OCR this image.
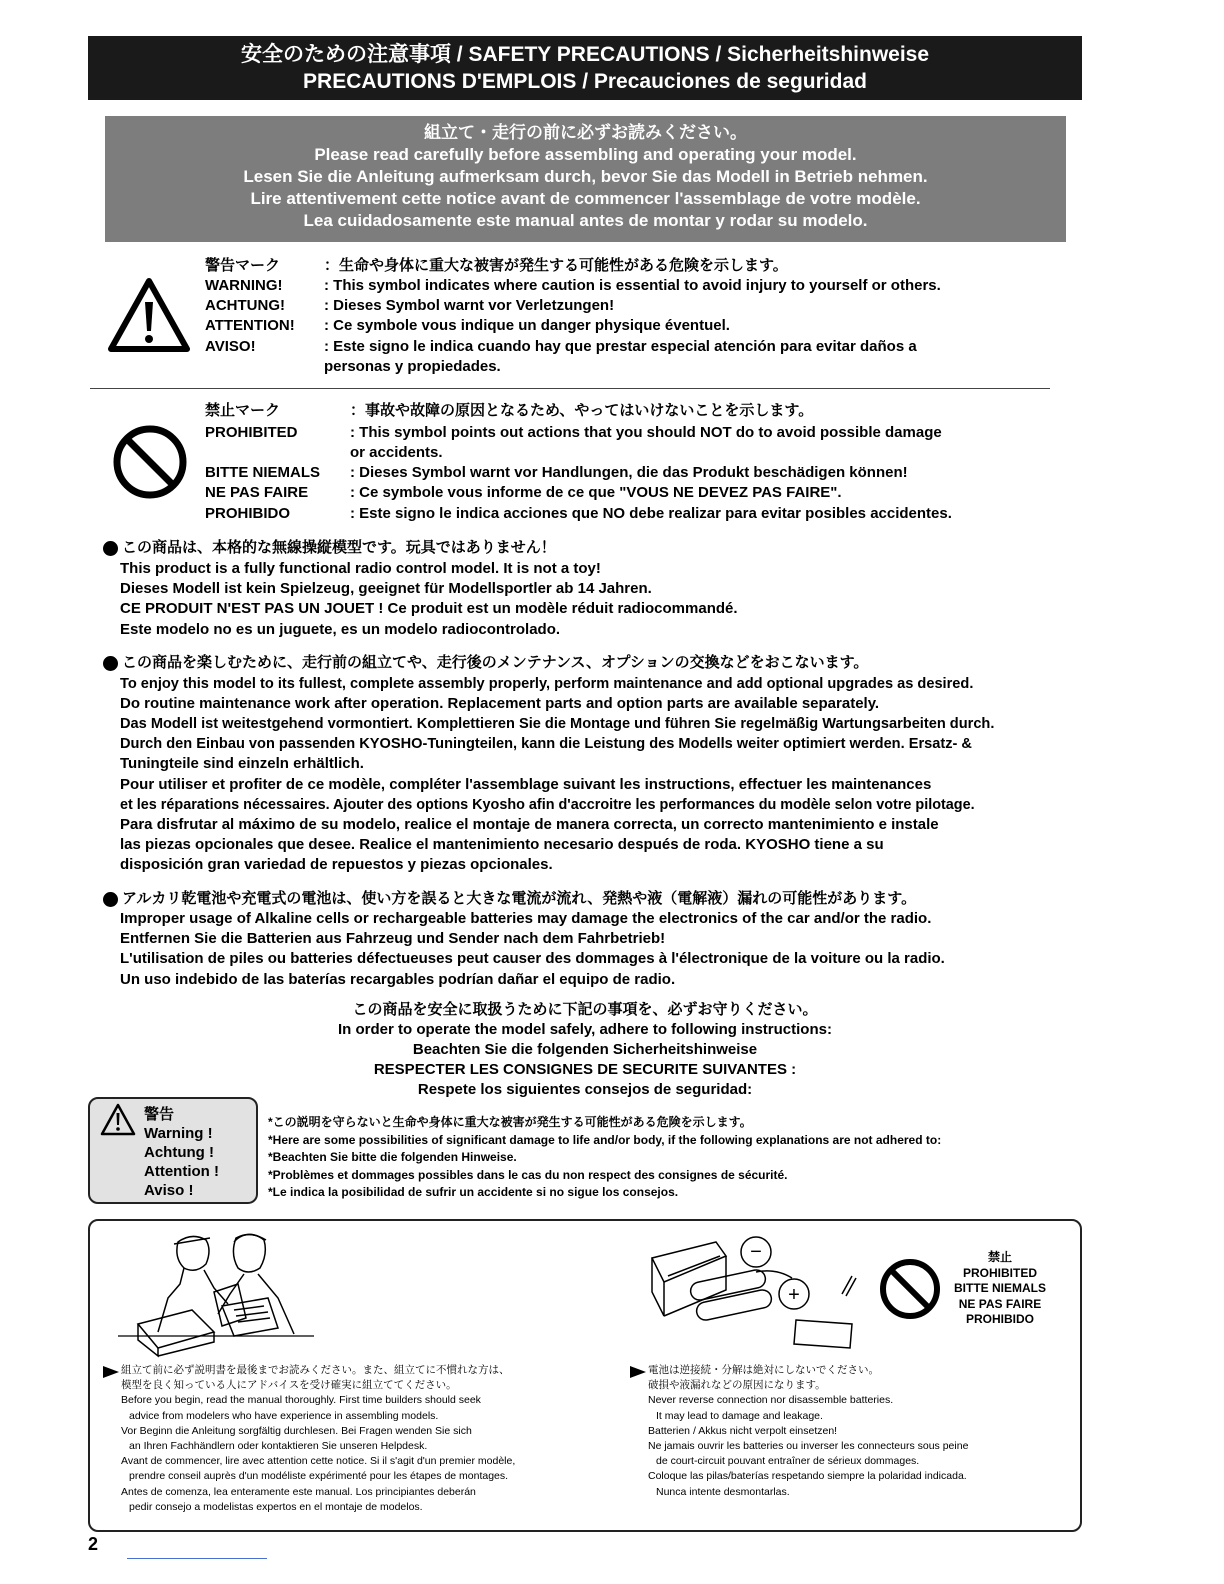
安全のための注意事項 / SAFETY PRECAUTIONS / Sicherheitshinweise
PRECAUTIONS D'EMPLOIS / Precauciones de seguridad
組立て・走行の前に必ずお読みください。
Please read carefully before assembling and operating your model.
Lesen Sie die Anleitung aufmerksam durch, bevor Sie das Modell in Betrieb nehmen.
Lire attentivement cette notice avant de commencer l'assemblage de votre modèle.
Lea cuidadosamente este manual antes de montar y rodar su modelo.
警告マーク	：生命や身体に重大な被害が発生する可能性がある危険を示します。
WARNING!	: This symbol indicates where caution is essential to avoid injury to yourself or others.
ACHTUNG!	: Dieses Symbol warnt vor Verletzungen!
ATTENTION! : Ce symbole vous indique un danger physique éventuel.
AVISO!	: Este signo le indica cuando hay que prestar especial atención para evitar daños a
personas y propiedades.
禁止マーク	：事故や故障の原因となるため、やってはいけないことを示します。
PROHIBITED	: This symbol points out actions that you should NOT do to avoid possible damage
or accidents.
BITTE NIEMALS : Dieses Symbol warnt vor Handlungen, die das Produkt beschädigen können!
NE PAS FAIRE	: Ce symbole vous informe de ce que "VOUS NE DEVEZ PAS FAIRE".
PROHIBIDO	: Este signo le indica acciones que NO debe realizar para evitar posibles accidentes.
この商品は、本格的な無線操縦模型です。玩具ではありません！
This product is a fully functional radio control model. It is not a toy!
Dieses Modell ist kein Spielzeug, geeignet für Modellsportler ab 14 Jahren.
CE PRODUIT N'EST PAS UN JOUET ! Ce produit est un modèle réduit radiocommandé.
Este modelo no es un juguete, es un modelo radiocontrolado.
この商品を楽しむために、走行前の組立てや、走行後のメンテナンス、オプションの交換などをおこないます。
To enjoy this model to its fullest, complete assembly properly, perform maintenance and add optional upgrades as desired.
Do routine maintenance work after operation. Replacement parts and option parts are available separately.
Das Modell ist weitestgehend vormontiert. Komplettieren Sie die Montage und führen Sie regelmäßig Wartungsarbeiten durch.
Durch den Einbau von passenden KYOSHO-Tuningteilen, kann die Leistung des Modells weiter optimiert werden. Ersatz- &
Tuningteile sind einzeln erhältlich.
Pour utiliser et profiter de ce modèle, compléter l'assemblage suivant les instructions, effectuer les maintenances
et les réparations nécessaires. Ajouter des options Kyosho afin d'accroitre les performances du modèle selon votre pilotage.
Para disfrutar al máximo de su modelo, realice el montaje de manera correcta, un correcto mantenimiento e instale
las piezas opcionales que desee. Realice el mantenimiento necesario después de roda. KYOSHO tiene a su
disposición gran variedad de repuestos y piezas opcionales.
アルカリ乾電池や充電式の電池は、使い方を誤ると大きな電流が流れ、発熱や液（電解液）漏れの可能性があります。
Improper usage of Alkaline cells or rechargeable batteries may damage the electronics of the car and/or the radio.
Entfernen Sie die Batterien aus Fahrzeug und Sender nach dem Fahrbetrieb!
L'utilisation de piles ou batteries défectueuses peut causer des dommages à l'électronique de la voiture ou la radio.
Un uso indebido de las baterías recargables podrían dañar el equipo de radio.
この商品を安全に取扱うために下記の事項を、必ずお守りください。
In order to operate the model safely, adhere to following instructions:
Beachten Sie die folgenden Sicherheitshinweise
RESPECTER LES CONSIGNES DE SECURITE SUIVANTES :
Respete los siguientes consejos de seguridad:
警告
Warning !
Achtung !
Attention !
Aviso !
*この説明を守らないと生命や身体に重大な被害が発生する可能性がある危険を示します。
*Here are some possibilities of significant damage to life and/or body, if the following explanations are not adhered to:
*Beachten Sie bitte die folgenden Hinweise.
*Problèmes et dommages possibles dans le cas du non respect des consignes de sécurité.
*Le indica la posibilidad de sufrir un accidente si no sigue los consejos.
−
+
禁止
PROHIBITED
BITTE NIEMALS
NE PAS FAIRE
PROHIBIDO
組立て前に必ず説明書を最後までお読みください。また、組立てに不慣れな方は、
模型を良く知っている人にアドバイスを受け確実に組立ててください。
Before you begin, read the manual thoroughly. First time builders should seek
advice from modelers who have experience in assembling models.
Vor Beginn die Anleitung sorgfältig durchlesen. Bei Fragen wenden Sie sich
an Ihren Fachhändlern oder kontaktieren Sie unseren Helpdesk.
Avant de commencer, lire avec attention cette notice. Si il s'agit d'un premier modèle,
prendre conseil auprès d'un modéliste expérimenté pour les étapes de montages.
Antes de comenza, lea enteramente este manual. Los principiantes deberán
pedir consejo a modelistas expertos en el montaje de modelos.
電池は逆接続・分解は絶対にしないでください。
破損や液漏れなどの原因になります。
Never reverse connection nor disassemble batteries.
It may lead to damage and leakage.
Batterien / Akkus nicht verpolt einsetzen!
Ne jamais ouvrir les batteries ou inverser les connecteurs sous peine
de court-circuit pouvant entraîner de sérieux dommages.
Coloque las pilas/baterías respetando siempre la polaridad indicada.
Nunca intente desmontarlas.
2
